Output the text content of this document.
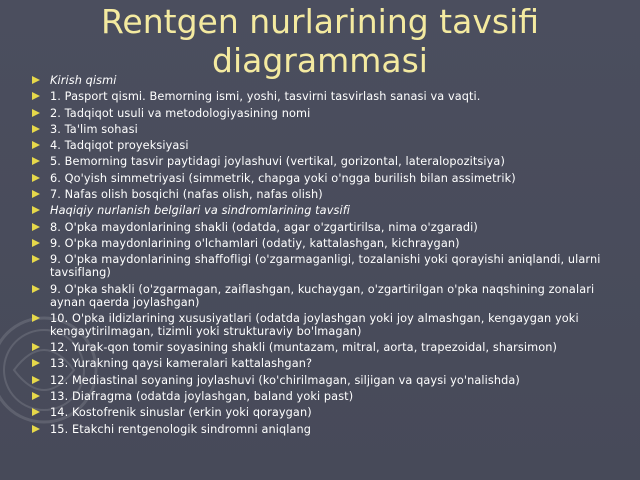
Rentgen nurlarining tavsifi diagrammasi
Kirish qismi
1. Pasport qismi. Bemorning ismi, yoshi, tasvirni tasvirlash sanasi va vaqti.
2. Tadqiqot usuli va metodologiyasining nomi
3. Ta'lim sohasi
4. Tadqiqot proyeksiyasi
5. Bemorning tasvir paytidagi joylashuvi (vertikal, gorizontal, lateralopozitsiya)
6. Qo'yish simmetriyasi (simmetrik, chapga yoki o'ngga burilish bilan assimetrik)
7. Nafas olish bosqichi (nafas olish, nafas olish)
Haqiqiy nurlanish belgilari va sindromlarining tavsifi
8. O'pka maydonlarining shakli (odatda, agar o'zgartirilsa, nima o'zgaradi)
9. O'pka maydonlarining o'lchamlari (odatiy, kattalashgan, kichraygan)
9. O'pka maydonlarining shaffofligi (o'zgarmaganligi, tozalanishi yoki qorayishi aniqlandi, ularni tavsiflang)
9. O'pka shakli (o'zgarmagan, zaiflashgan, kuchaygan, o'zgartirilgan o'pka naqshining zonalari aynan qaerda joylashgan)
10. O'pka ildizlarining xususiyatlari (odatda joylashgan yoki joy almashgan, kengaygan yoki kengaytirilmagan, tizimli yoki strukturaviy bo'lmagan)
12. Yurak-qon tomir soyasining shakli (muntazam, mitral, aorta, trapezoidal, sharsimon)
13. Yurakning qaysi kameralari kattalashgan?
12. Mediastinal soyaning joylashuvi (ko'chirilmagan, siljigan va qaysi yo'nalishda)
13. Diafragma (odatda joylashgan, baland yoki past)
14. Kostofrenik sinuslar (erkin yoki qoraygan)
15. Etakchi rentgenologik sindromni aniqlang
